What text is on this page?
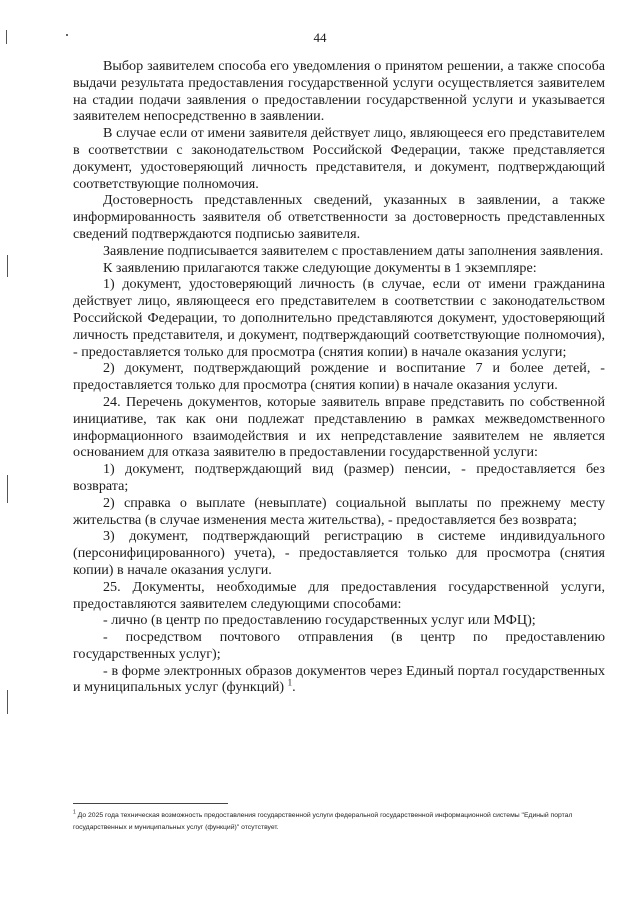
44

Выбор заявителем способа его уведомления о принятом решении, а также способа выдачи результата предоставления государственной услуги осуществляется заявителем на стадии подачи заявления о предоставлении государственной услуги и указывается заявителем непосредственно в заявлении.

В случае если от имени заявителя действует лицо, являющееся его представителем в соответствии с законодательством Российской Федерации, также представляется документ, удостоверяющий личность представителя, и документ, подтверждающий соответствующие полномочия.

Достоверность представленных сведений, указанных в заявлении, а также информированность заявителя об ответственности за достоверность представленных сведений подтверждаются подписью заявителя.

Заявление подписывается заявителем с проставлением даты заполнения заявления.

К заявлению прилагаются также следующие документы в 1 экземпляре:

1) документ, удостоверяющий личность (в случае, если от имени гражданина действует лицо, являющееся его представителем в соответствии с законодательством Российской Федерации, то дополнительно представляются документ, удостоверяющий личность представителя, и документ, подтверждающий соответствующие полномочия), - предоставляется только для просмотра (снятия копии) в начале оказания услуги;

2) документ, подтверждающий рождение и воспитание 7 и более детей, - предоставляется только для просмотра (снятия копии) в начале оказания услуги.

24. Перечень документов, которые заявитель вправе представить по собственной инициативе, так как они подлежат представлению в рамках межведомственного информационного взаимодействия и их непредставление заявителем не является основанием для отказа заявителю в предоставлении государственной услуги:

1) документ, подтверждающий вид (размер) пенсии, - предоставляется без возврата;

2) справка о выплате (невыплате) социальной выплаты по прежнему месту жительства (в случае изменения места жительства), - предоставляется без возврата;

3) документ, подтверждающий регистрацию в системе индивидуального (персонифицированного) учета), - предоставляется только для просмотра (снятия копии) в начале оказания услуги.

25. Документы, необходимые для предоставления государственной услуги, предоставляются заявителем следующими способами:

- лично (в центр по предоставлению государственных услуг или МФЦ);

- посредством почтового отправления (в центр по предоставлению государственных услуг);

- в форме электронных образов документов через Единый портал государственных и муниципальных услуг (функций) $^1$.

$^1$ До 2025 года техническая возможность предоставления государственной услуги федеральной государственной информационной системы "Единый портал государственных и муниципальных услуг (функций)" отсутствует.
